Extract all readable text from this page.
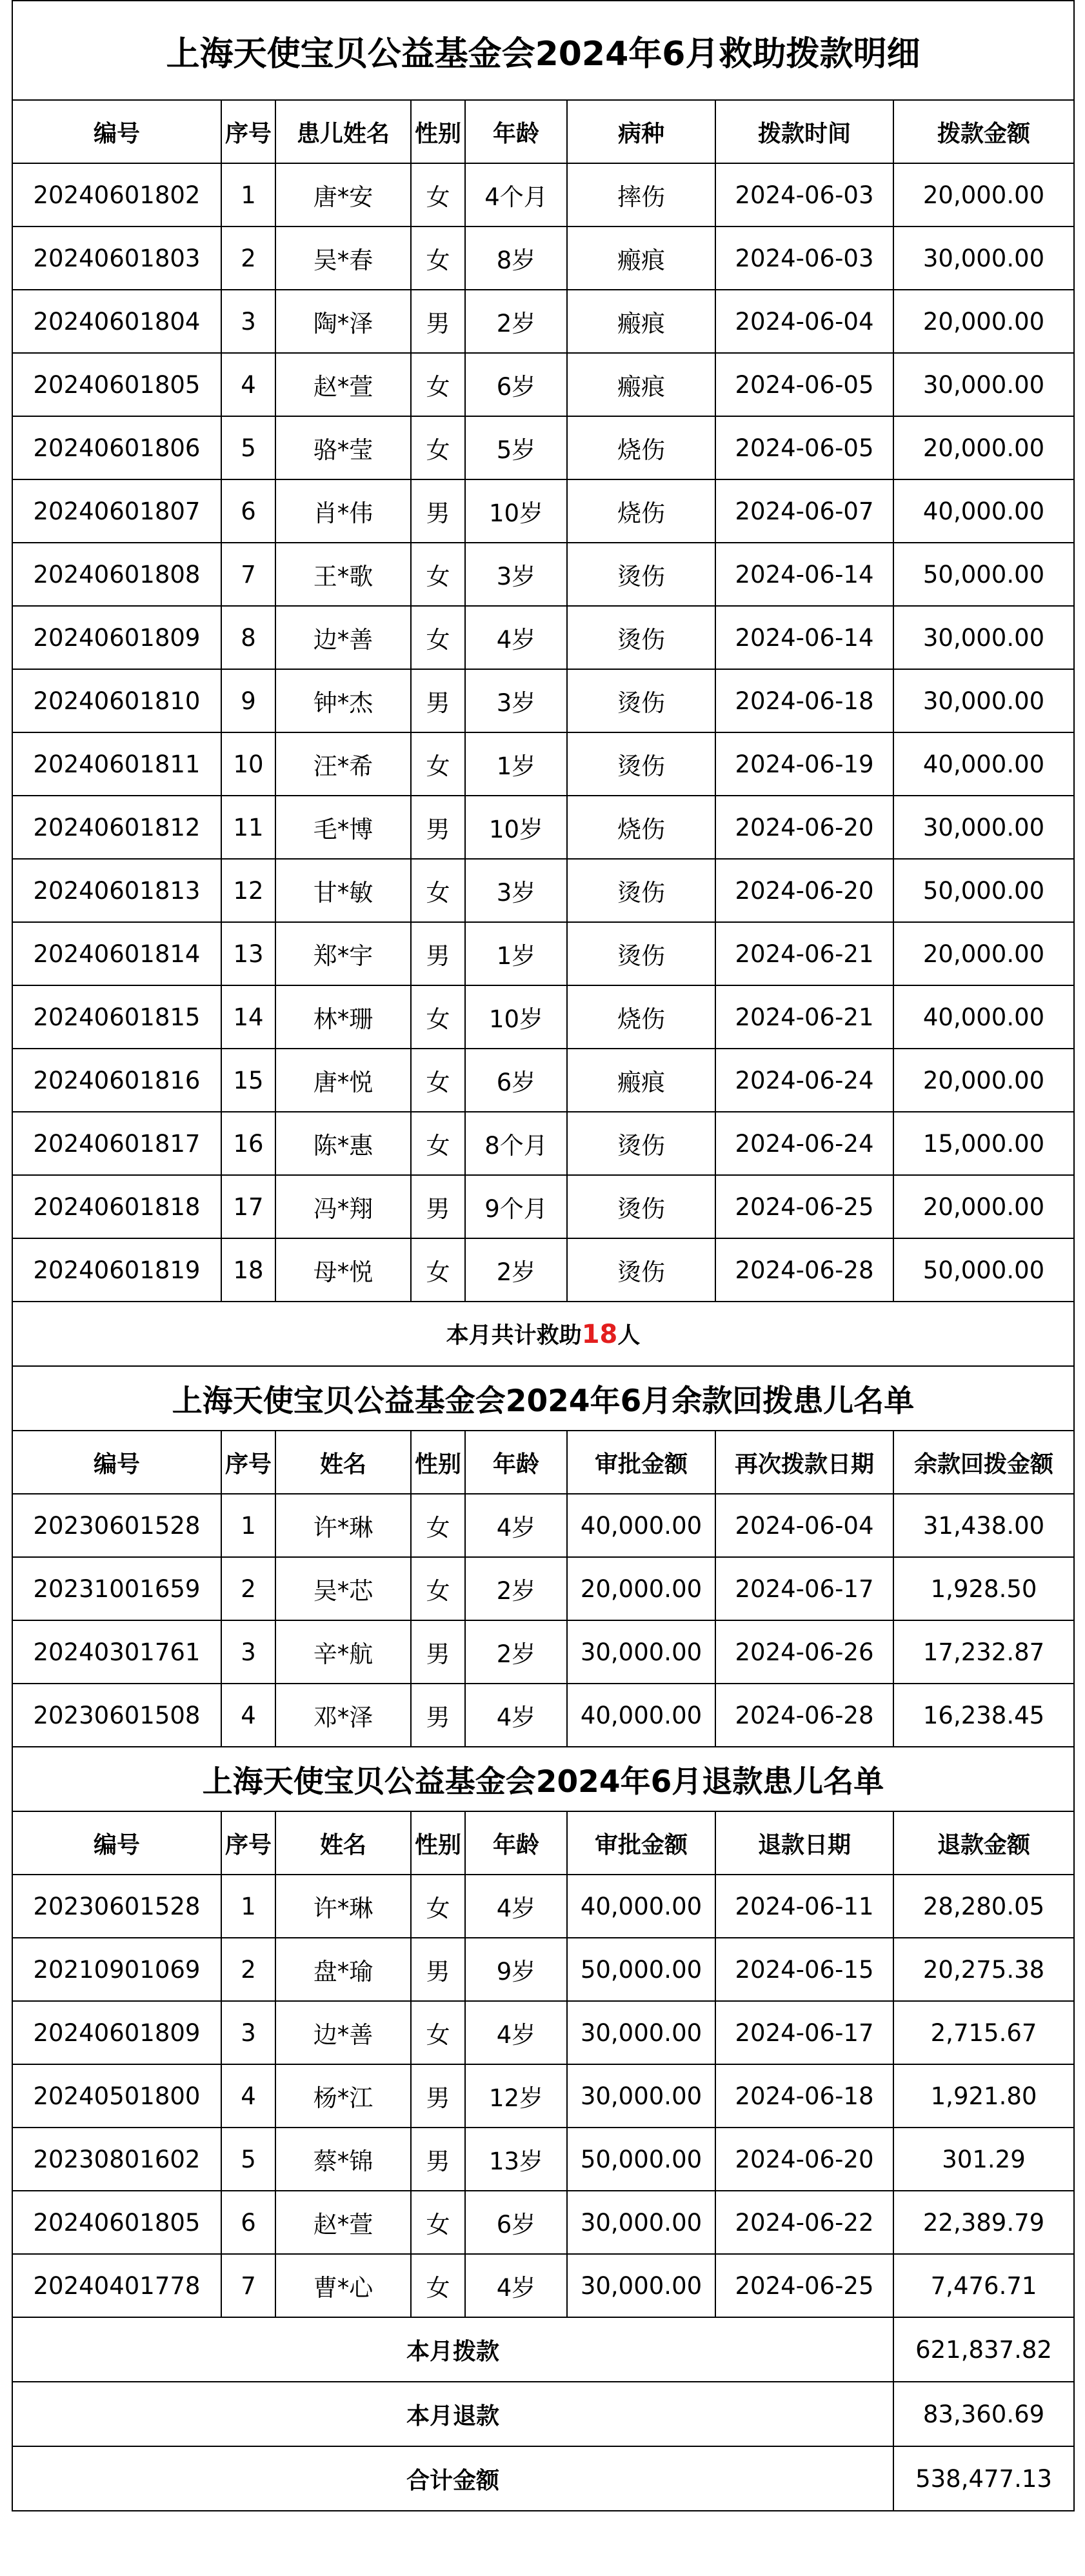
上海天使宝贝公益基金会2024年6月救助拨款明细							
编号	序号	患儿姓名	性别	年龄	病种	拨款时间	拨款金额
20240601802	1	唐*安	女	4个月	摔伤	2024-06-03	20,000.00
20240601803	2	吴*春	女	8岁	瘢痕	2024-06-03	30,000.00
20240601804	3	陶*泽	男	2岁	瘢痕	2024-06-04	20,000.00
20240601805	4	赵*萱	女	6岁	瘢痕	2024-06-05	30,000.00
20240601806	5	骆*莹	女	5岁	烧伤	2024-06-05	20,000.00
20240601807	6	肖*伟	男	10岁	烧伤	2024-06-07	40,000.00
20240601808	7	王*歌	女	3岁	烫伤	2024-06-14	50,000.00
20240601809	8	边*善	女	4岁	烫伤	2024-06-14	30,000.00
20240601810	9	钟*杰	男	3岁	烫伤	2024-06-18	30,000.00
20240601811	10	汪*希	女	1岁	烫伤	2024-06-19	40,000.00
20240601812	11	毛*博	男	10岁	烧伤	2024-06-20	30,000.00
20240601813	12	甘*敏	女	3岁	烫伤	2024-06-20	50,000.00
20240601814	13	郑*宇	男	1岁	烫伤	2024-06-21	20,000.00
20240601815	14	林*珊	女	10岁	烧伤	2024-06-21	40,000.00
20240601816	15	唐*悦	女	6岁	瘢痕	2024-06-24	20,000.00
20240601817	16	陈*惠	女	8个月	烫伤	2024-06-24	15,000.00
20240601818	17	冯*翔	男	9个月	烫伤	2024-06-25	20,000.00
20240601819	18	母*悦	女	2岁	烫伤	2024-06-28	50,000.00
本月共计救助18人							
上海天使宝贝公益基金会2024年6月余款回拨患儿名单							
编号	序号	姓名	性别	年龄	审批金额	再次拨款日期	余款回拨金额
20230601528	1	许*琳	女	4岁	40,000.00	2024-06-04	31,438.00
20231001659	2	吴*芯	女	2岁	20,000.00	2024-06-17	1,928.50
20240301761	3	辛*航	男	2岁	30,000.00	2024-06-26	17,232.87
20230601508	4	邓*泽	男	4岁	40,000.00	2024-06-28	16,238.45
上海天使宝贝公益基金会2024年6月退款患儿名单							
编号	序号	姓名	性别	年龄	审批金额	退款日期	退款金额
20230601528	1	许*琳	女	4岁	40,000.00	2024-06-11	28,280.05
20210901069	2	盘*瑜	男	9岁	50,000.00	2024-06-15	20,275.38
20240601809	3	边*善	女	4岁	30,000.00	2024-06-17	2,715.67
20240501800	4	杨*江	男	12岁	30,000.00	2024-06-18	1,921.80
20230801602	5	蔡*锦	男	13岁	50,000.00	2024-06-20	301.29
20240601805	6	赵*萱	女	6岁	30,000.00	2024-06-22	22,389.79
20240401778	7	曹*心	女	4岁	30,000.00	2024-06-25	7,476.71
本月拨款							621,837.82
本月退款							83,360.69
合计金额							538,477.13
